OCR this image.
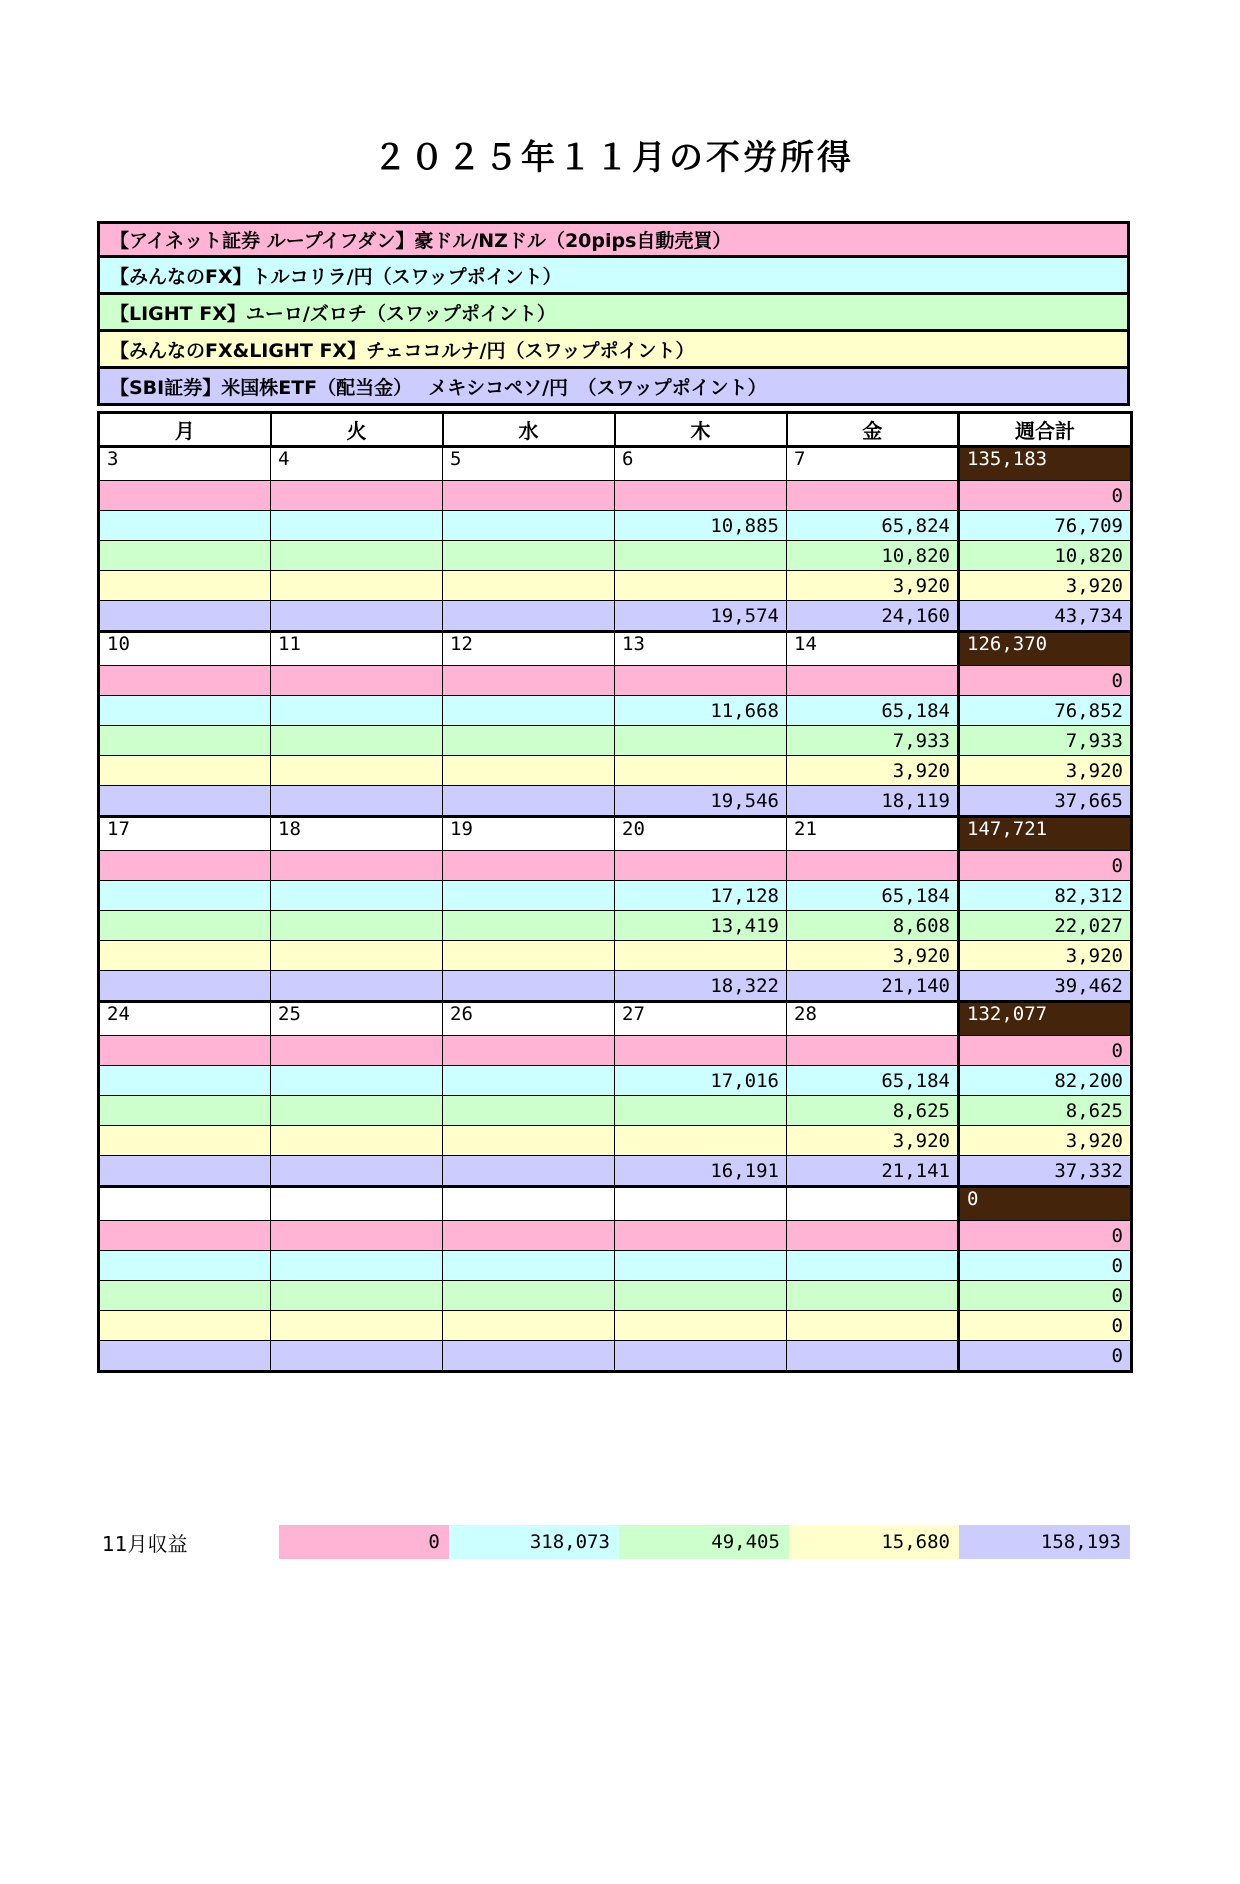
２０２５年１１月の不労所得
【アイネット証券 ループイフダン】豪ドル/NZドル（20pips自動売買）
【みんなのFX】トルコリラ/円（スワップポイント）
【LIGHT FX】ユーロ/ズロチ（スワップポイント）
【みんなのFX&LIGHT FX】チェココルナ/円（スワップポイント）
【SBI証券】米国株ETF（配当金）　 メキシコペソ/円　（スワップポイント）
月	火	水	木	金	週合計
3	4	5	6	7	135,183
					0
			10,885	65,824	76,709
				10,820	10,820
				3,920	3,920
			19,574	24,160	43,734
10	11	12	13	14	126,370
					0
			11,668	65,184	76,852
				7,933	7,933
				3,920	3,920
			19,546	18,119	37,665
17	18	19	20	21	147,721
					0
			17,128	65,184	82,312
			13,419	8,608	22,027
				3,920	3,920
			18,322	21,140	39,462
24	25	26	27	28	132,077
					0
			17,016	65,184	82,200
				8,625	8,625
				3,920	3,920
			16,191	21,141	37,332
					0
					0
					0
					0
					0
					0
11月収益	0	318,073	49,405	15,680	158,193
